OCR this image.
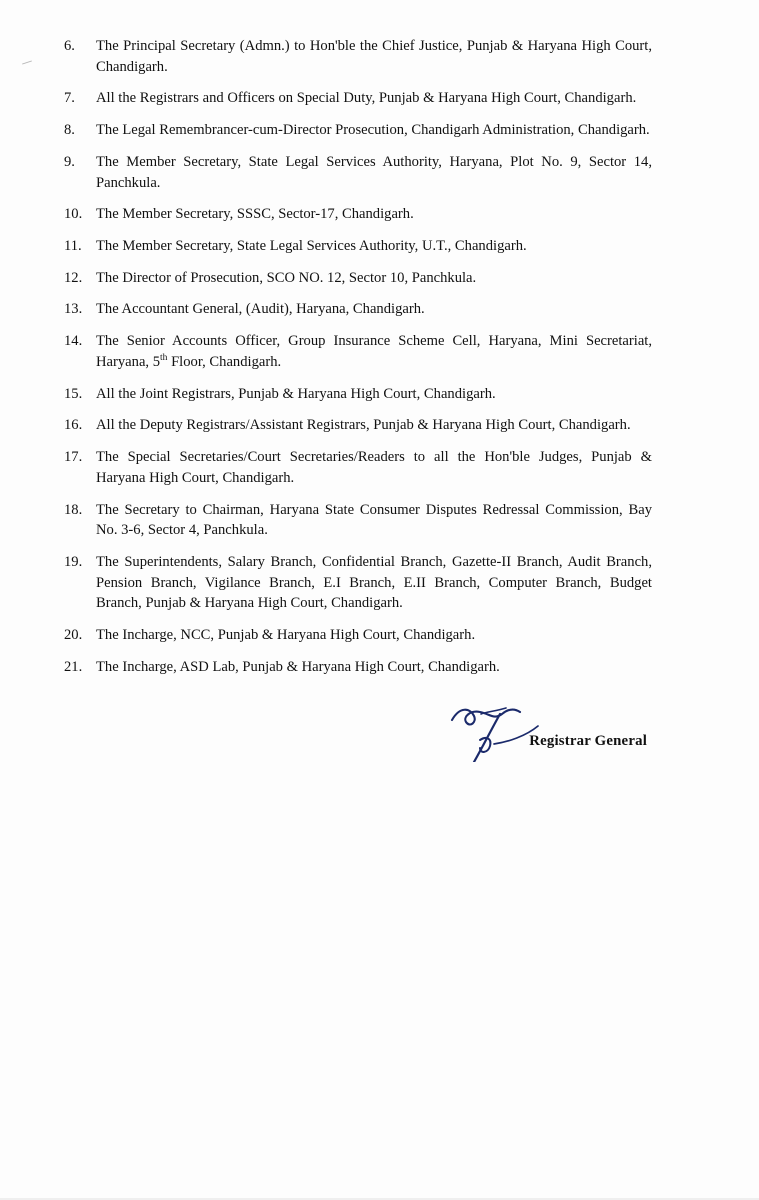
6.	The Principal Secretary (Admn.) to Hon'ble the Chief Justice, Punjab & Haryana High Court, Chandigarh.
7.	All the Registrars and Officers on Special Duty, Punjab & Haryana High Court, Chandigarh.
8.	The Legal Remembrancer-cum-Director Prosecution, Chandigarh Administration, Chandigarh.
9.	The Member Secretary, State Legal Services Authority, Haryana, Plot No. 9, Sector 14, Panchkula.
10. The Member Secretary, SSSC, Sector-17, Chandigarh.
11. The Member Secretary, State Legal Services Authority, U.T., Chandigarh.
12. The Director of Prosecution, SCO NO. 12, Sector 10, Panchkula.
13. The Accountant General, (Audit), Haryana, Chandigarh.
14. The Senior Accounts Officer, Group Insurance Scheme Cell, Haryana, Mini Secretariat, Haryana, 5th Floor, Chandigarh.
15. All the Joint Registrars, Punjab & Haryana High Court, Chandigarh.
16. All the Deputy Registrars/Assistant Registrars, Punjab & Haryana High Court, Chandigarh.
17. The Special Secretaries/Court Secretaries/Readers to all the Hon'ble Judges, Punjab & Haryana High Court, Chandigarh.
18. The Secretary to Chairman, Haryana State Consumer Disputes Redressal Commission, Bay No. 3-6, Sector 4, Panchkula.
19. The Superintendents, Salary Branch, Confidential Branch, Gazette-II Branch, Audit Branch, Pension Branch, Vigilance Branch, E.I Branch, E.II Branch, Computer Branch, Budget Branch, Punjab & Haryana High Court, Chandigarh.
20. The Incharge, NCC, Punjab & Haryana High Court, Chandigarh.
21. The Incharge, ASD Lab, Punjab & Haryana High Court, Chandigarh.
Registrar General
